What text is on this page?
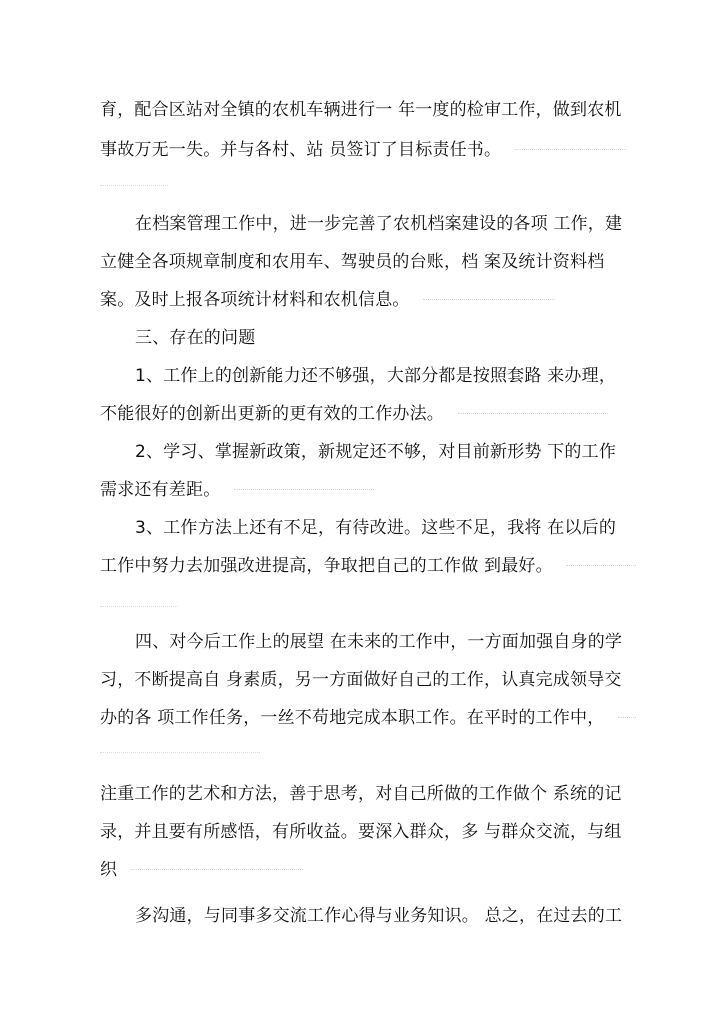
育，配合区站对全镇的农机车辆进行一 年一度的检审工作，做到农机
事故万无一失。并与各村、站 员签订了目标责任书。
在档案管理工作中，进一步完善了农机档案建设的各项 工作，建
立健全各项规章制度和农用车、驾驶员的台账，档 案及统计资料档
案。及时上报各项统计材料和农机信息。
三、存在的问题
1、工作上的创新能力还不够强，大部分都是按照套路 来办理，
不能很好的创新出更新的更有效的工作办法。
2、学习、掌握新政策，新规定还不够，对目前新形势 下的工作
需求还有差距。
3、工作方法上还有不足，有待改进。这些不足，我将 在以后的
工作中努力去加强改进提高，争取把自己的工作做 到最好。
四、对今后工作上的展望 在未来的工作中，一方面加强自身的学
习，不断提高自 身素质，另一方面做好自己的工作，认真完成领导交
办的各 项工作任务，一丝不苟地完成本职工作。在平时的工作中，
注重工作的艺术和方法，善于思考，对自己所做的工作做个 系统的记
录，并且要有所感悟，有所收益。要深入群众，多 与群众交流，与组
织
多沟通，与同事多交流工作心得与业务知识。 总之，在过去的工
